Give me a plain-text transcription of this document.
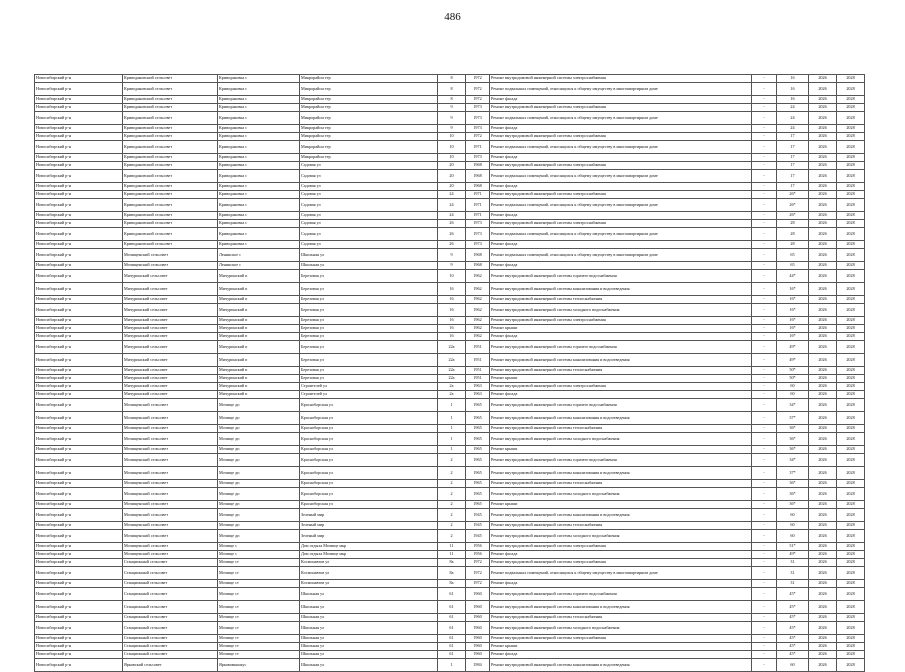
486
Новосибирский р-н	Криводановский сельсовет	Криводановка с	Микрорайон тер	8	1972	Ремонт внутридомовой инженерной системы электроснабжения	-	16	2026	2028
Новосибирский р-н	Криводановский сельсовет	Криводановка с	Микрорайон тер	8	1972	Ремонт подвальных помещений, относящихся к общему имуществу в многоквартирном доме	-	16	2026	2028
Новосибирский р-н	Криводановский сельсовет	Криводановка с	Микрорайон тер	8	1972	Ремонт фасада	-	16	2026	2028
Новосибирский р-н	Криводановский сельсовет	Криводановка с	Микрорайон тер	9	1973	Ремонт внутридомовой инженерной системы электроснабжения	-	24	2026	2028
Новосибирский р-н	Криводановский сельсовет	Криводановка с	Микрорайон тер	9	1973	Ремонт подвальных помещений, относящихся к общему имуществу в многоквартирном доме	-	24	2026	2028
Новосибирский р-н	Криводановский сельсовет	Криводановка с	Микрорайон тер	9	1973	Ремонт фасада	-	24	2026	2028
Новосибирский р-н	Криводановский сельсовет	Криводановка с	Микрорайон тер	10	1972	Ремонт внутридомовой инженерной системы электроснабжения	-	17	2026	2028
Новосибирский р-н	Криводановский сельсовет	Криводановка с	Микрорайон тер	10	1971	Ремонт подвальных помещений, относящихся к общему имуществу в многоквартирном доме	-	17	2026	2028
Новосибирский р-н	Криводановский сельсовет	Криводановка с	Микрорайон тер	10	1973	Ремонт фасада	-	17	2026	2028
Новосибирский р-н	Криводановский сельсовет	Криводановка с	Садовая ул	20	1968	Ремонт внутридомовой инженерной системы электроснабжения	-	17	2026	2028
Новосибирский р-н	Криводановский сельсовет	Криводановка с	Садовая ул	20	1968	Ремонт подвальных помещений, относящихся к общему имуществу в многоквартирном доме	-	17	2026	2028
Новосибирский р-н	Криводановский сельсовет	Криводановка с	Садовая ул	20	1968	Ремонт фасада	-	17	2026	2028
Новосибирский р-н	Криводановский сельсовет	Криводановка с	Садовая ул	24	1971	Ремонт внутридомовой инженерной системы электроснабжения	-	26*	2026	2028
Новосибирский р-н	Криводановский сельсовет	Криводановка с	Садовая ул	24	1971	Ремонт подвальных помещений, относящихся к общему имуществу в многоквартирном доме	-	26*	2026	2028
Новосибирский р-н	Криводановский сельсовет	Криводановка с	Садовая ул	24	1971	Ремонт фасада	-	26*	2026	2028
Новосибирский р-н	Криводановский сельсовет	Криводановка с	Садовая ул	26	1973	Ремонт внутридомовой инженерной системы электроснабжения	-	28	2026	2028
Новосибирский р-н	Криводановский сельсовет	Криводановка с	Садовая ул	26	1973	Ремонт подвальных помещений, относящихся к общему имуществу в многоквартирном доме	-	28	2026	2028
Новосибирский р-н	Криводановский сельсовет	Криводановка с	Садовая ул	26	1973	Ремонт фасада	-	28	2026	2028
Новосибирский р-н	Мочищенский сельсовет	Ленинское с	Школьная ул	9	1968	Ремонт подвальных помещений, относящихся к общему имуществу в многоквартирном доме	-	65	2026	2028
Новосибирский р-н	Мочищенский сельсовет	Ленинское с	Школьная ул	9	1968	Ремонт фасада	-	65	2026	2028
Новосибирский р-н	Мичуринский сельсовет	Мичуринский п	Березовая ул	10	1962	Ремонт внутридомовой инженерной системы горячего водоснабжения	-	44*	2026	2028
Новосибирский р-н	Мичуринский сельсовет	Мичуринский п	Березовая ул	16	1962	Ремонт внутридомовой инженерной системы канализования и водоотведения	-	16*	2026	2028
Новосибирский р-н	Мичуринский сельсовет	Мичуринский п	Березовая ул	16	1962	Ремонт внутридомовой инженерной системы теплоснабжения	-	16*	2026	2028
Новосибирский р-н	Мичуринский сельсовет	Мичуринский п	Березовая ул	16	1962	Ремонт внутридомовой инженерной системы холодного водоснабжения	-	16*	2026	2028
Новосибирский р-н	Мичуринский сельсовет	Мичуринский п	Березовая ул	16	1962	Ремонт внутридомовой инженерной системы электроснабжения	-	16*	2026	2028
Новосибирский р-н	Мичуринский сельсовет	Мичуринский п	Березовая ул	16	1962	Ремонт крыши	-	16*	2026	2028
Новосибирский р-н	Мичуринский сельсовет	Мичуринский п	Березовая ул	16	1962	Ремонт фасада	-	16*	2026	2028
Новосибирский р-н	Мичуринский сельсовет	Мичуринский п	Березовая ул	22а	1951	Ремонт внутридомовой инженерной системы горячего водоснабжения	-	49*	2026	2028
Новосибирский р-н	Мичуринский сельсовет	Мичуринский п	Березовая ул	22а	1951	Ремонт внутридомовой инженерной системы канализования и водоотведения	-	49*	2026	2028
Новосибирский р-н	Мичуринский сельсовет	Мичуринский п	Березовая ул	22а	1951	Ремонт внутридомовой инженерной системы теплоснабжения	-	50*	2026	2028
Новосибирский р-н	Мичуринский сельсовет	Мичуринский п	Березовая ул	22а	1951	Ремонт крыши	-	50*	2026	2028
Новосибирский р-н	Мичуринский сельсовет	Мичуринский п	Строителей ул	2а	1963	Ремонт внутридомовой инженерной системы электроснабжения	-	60	2026	2028
Новосибирский р-н	Мичуринский сельсовет	Мичуринский п	Строителей ул	2а	1963	Ремонт фасада	-	60	2026	2028
Новосибирский р-н	Мочищенский сельсовет	Мочище дп	Красноборская ул	1	1965	Ремонт внутридомовой инженерной системы горячего водоснабжения	-	34*	2026	2028
Новосибирский р-н	Мочищенский сельсовет	Мочище дп	Красноборская ул	1	1965	Ремонт внутридомовой инженерной системы канализования и водоотведения	-	37*	2026	2028
Новосибирский р-н	Мочищенский сельсовет	Мочище дп	Красноборская ул	1	1965	Ремонт внутридомовой инженерной системы теплоснабжения	-	36*	2026	2028
Новосибирский р-н	Мочищенский сельсовет	Мочище дп	Красноборская ул	1	1965	Ремонт внутридомовой инженерной системы холодного водоснабжения	-	36*	2026	2028
Новосибирский р-н	Мочищенский сельсовет	Мочище дп	Красноборская ул	1	1965	Ремонт крыши	-	36*	2026	2028
Новосибирский р-н	Мочищенский сельсовет	Мочище дп	Красноборская ул	2	1965	Ремонт внутридомовой инженерной системы горячего водоснабжения	-	34*	2026	2028
Новосибирский р-н	Мочищенский сельсовет	Мочище дп	Красноборская ул	2	1965	Ремонт внутридомовой инженерной системы канализования и водоотведения	-	37*	2026	2028
Новосибирский р-н	Мочищенский сельсовет	Мочище дп	Красноборская ул	2	1965	Ремонт внутридомовой инженерной системы теплоснабжения	-	36*	2026	2028
Новосибирский р-н	Мочищенский сельсовет	Мочище дп	Красноборская ул	2	1965	Ремонт внутридомовой инженерной системы холодного водоснабжения	-	36*	2026	2028
Новосибирский р-н	Мочищенский сельсовет	Мочище дп	Красноборская ул	2	1965	Ремонт крыши	-	36*	2026	2028
Новосибирский р-н	Мочищенский сельсовет	Мочище дп	Зеленый мир	2	1945	Ремонт внутридомовой инженерной системы канализования и водоотведения	-	60	2026	2028
Новосибирский р-н	Мочищенский сельсовет	Мочище дп	Зеленый мир	2	1945	Ремонт внутридомовой инженерной системы теплоснабжения	-	60	2026	2028
Новосибирский р-н	Мочищенский сельсовет	Мочище дп	Зеленый мир	2	1945	Ремонт внутридомовой инженерной системы холодного водоснабжения	-	60	2026	2028
Новосибирский р-н	Мочищенский сельсовет	Мочище с	Дом отдыха Мочище мкр	11	1956	Ремонт внутридомовой инженерной системы электроснабжения	-	51*	2026	2028
Новосибирский р-н	Мочищенский сельсовет	Мочище с	Дом отдыха Мочище мкр	11	1956	Ремонт фасада	-	49*	2026	2028
Новосибирский р-н	Станционный сельсовет	Мочище ст	Космонавтов ул	8а	1972	Ремонт внутридомовой инженерной системы электроснабжения	-	31	2026	2028
Новосибирский р-н	Станционный сельсовет	Мочище ст	Космонавтов ул	8а	1972	Ремонт подвальных помещений, относящихся к общему имуществу в многоквартирном доме	-	31	2026	2028
Новосибирский р-н	Станционный сельсовет	Мочище ст	Космонавтов ул	8а	1972	Ремонт фасада	-	31	2026	2028
Новосибирский р-н	Станционный сельсовет	Мочище ст	Школьная ул	61	1960	Ремонт внутридомовой инженерной системы горячего водоснабжения	-	45*	2026	2028
Новосибирский р-н	Станционный сельсовет	Мочище ст	Школьная ул	61	1960	Ремонт внутридомовой инженерной системы канализования и водоотведения	-	45*	2026	2028
Новосибирский р-н	Станционный сельсовет	Мочище ст	Школьная ул	61	1960	Ремонт внутридомовой инженерной системы теплоснабжения	-	45*	2026	2028
Новосибирский р-н	Станционный сельсовет	Мочище ст	Школьная ул	61	1960	Ремонт внутридомовой инженерной системы холодного водоснабжения	-	45*	2026	2028
Новосибирский р-н	Станционный сельсовет	Мочище ст	Школьная ул	61	1960	Ремонт внутридомовой инженерной системы электроснабжения	-	45*	2026	2028
Новосибирский р-н	Станционный сельсовет	Мочище ст	Школьная ул	61	1960	Ремонт крыши	-	45*	2026	2028
Новосибирский р-н	Станционный сельсовет	Мочище ст	Школьная ул	61	1960	Ремонт фасада	-	45*	2026	2028
Новосибирский р-н	Ярковский сельсовет	Ярковомышкус	Школьная ул	1	1984	Ремонт внутридомовой инженерной системы канализования и водоотведения	-	60	2026	2028
